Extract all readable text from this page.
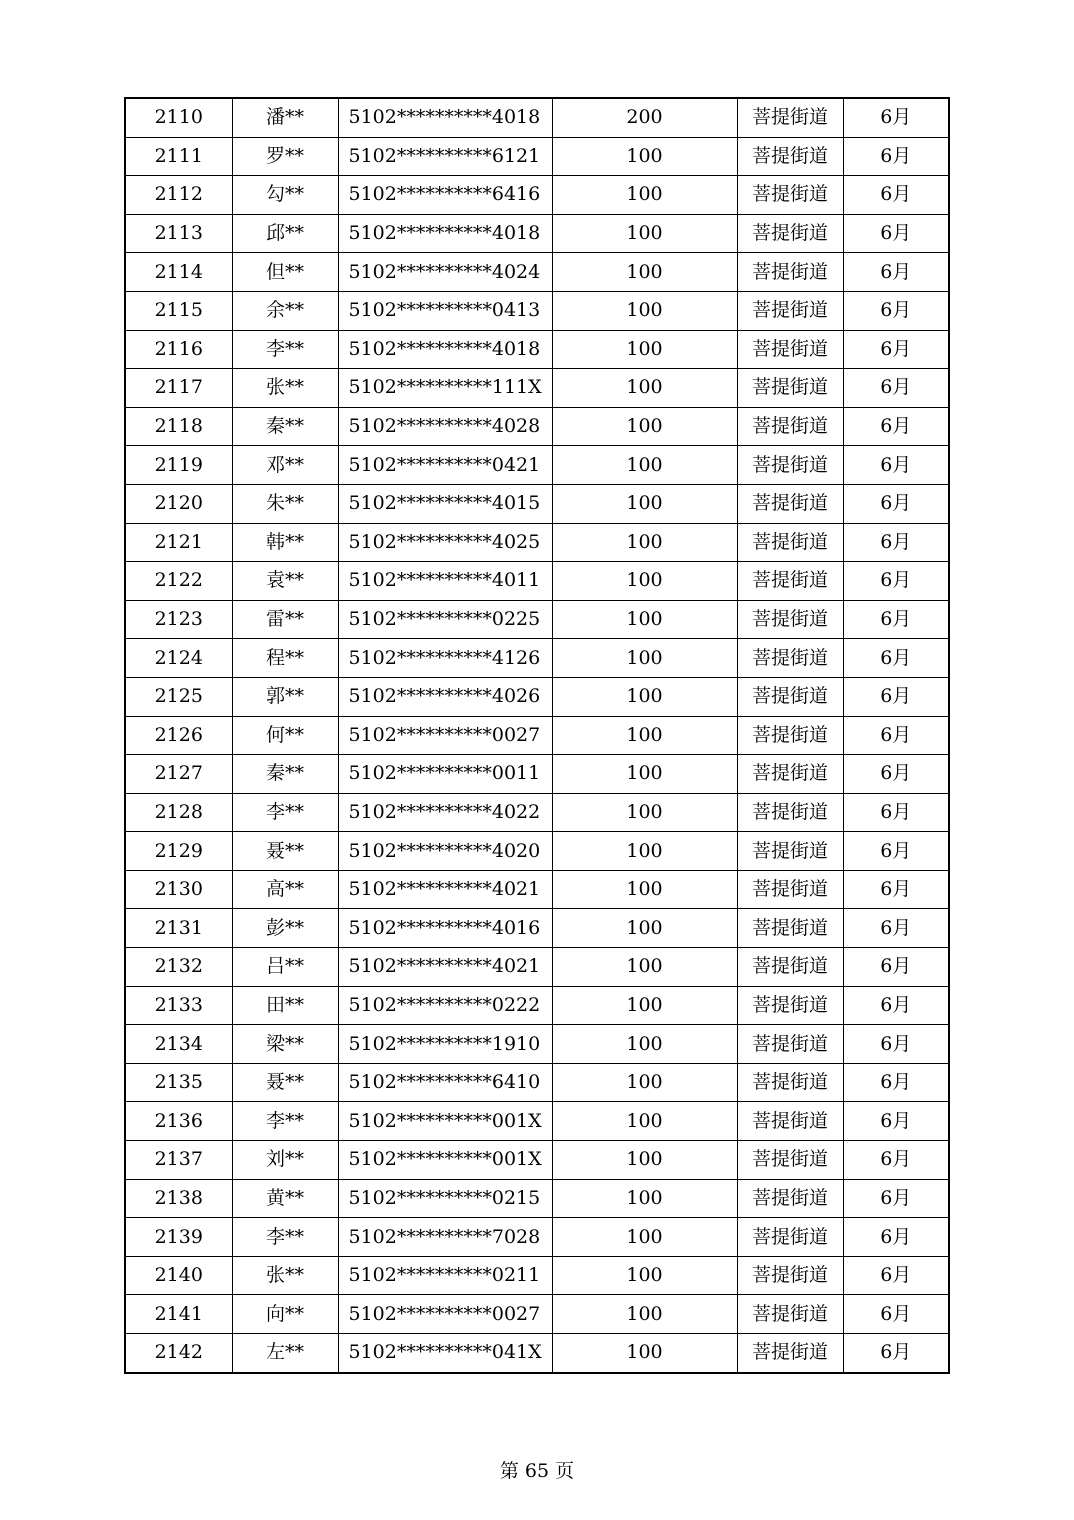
2110	潘**	5102**********4018	200	菩提街道	6月
2111	罗**	5102**********6121	100	菩提街道	6月
2112	勾**	5102**********6416	100	菩提街道	6月
2113	邱**	5102**********4018	100	菩提街道	6月
2114	但**	5102**********4024	100	菩提街道	6月
2115	余**	5102**********0413	100	菩提街道	6月
2116	李**	5102**********4018	100	菩提街道	6月
2117	张**	5102**********111X	100	菩提街道	6月
2118	秦**	5102**********4028	100	菩提街道	6月
2119	邓**	5102**********0421	100	菩提街道	6月
2120	朱**	5102**********4015	100	菩提街道	6月
2121	韩**	5102**********4025	100	菩提街道	6月
2122	袁**	5102**********4011	100	菩提街道	6月
2123	雷**	5102**********0225	100	菩提街道	6月
2124	程**	5102**********4126	100	菩提街道	6月
2125	郭**	5102**********4026	100	菩提街道	6月
2126	何**	5102**********0027	100	菩提街道	6月
2127	秦**	5102**********0011	100	菩提街道	6月
2128	李**	5102**********4022	100	菩提街道	6月
2129	聂**	5102**********4020	100	菩提街道	6月
2130	高**	5102**********4021	100	菩提街道	6月
2131	彭**	5102**********4016	100	菩提街道	6月
2132	吕**	5102**********4021	100	菩提街道	6月
2133	田**	5102**********0222	100	菩提街道	6月
2134	梁**	5102**********1910	100	菩提街道	6月
2135	聂**	5102**********6410	100	菩提街道	6月
2136	李**	5102**********001X	100	菩提街道	6月
2137	刘**	5102**********001X	100	菩提街道	6月
2138	黄**	5102**********0215	100	菩提街道	6月
2139	李**	5102**********7028	100	菩提街道	6月
2140	张**	5102**********0211	100	菩提街道	6月
2141	向**	5102**********0027	100	菩提街道	6月
2142	左**	5102**********041X	100	菩提街道	6月
第 65 页
